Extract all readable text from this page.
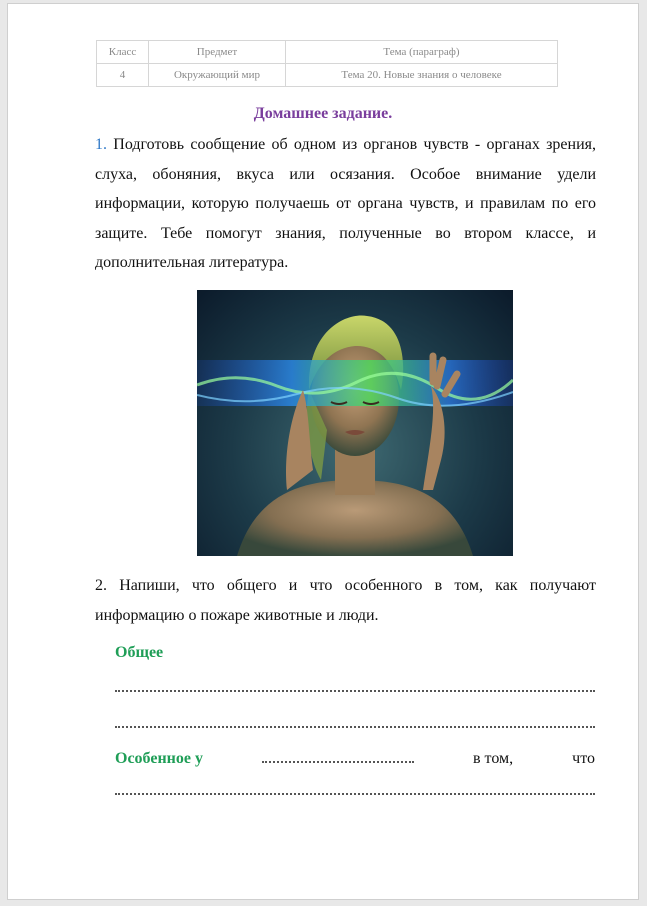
Класс	Предмет	Тема (параграф)
4	Окружающий мир	Тема 20. Новые знания о человеке
Домашнее задание.
1. Подготовь сообщение об одном из органов чувств - органах зрения, слуха, обоняния, вкуса или осязания. Особое внимание удели информации, которую получаешь от органа чувств, и правилам по его защите. Тебе помогут знания, полученные во втором классе, и дополнительная литература.
2. Напиши, что общего и что особенного в том, как получают информацию о пожаре животные и люди.
Общее
Особенное у	в том,	что
